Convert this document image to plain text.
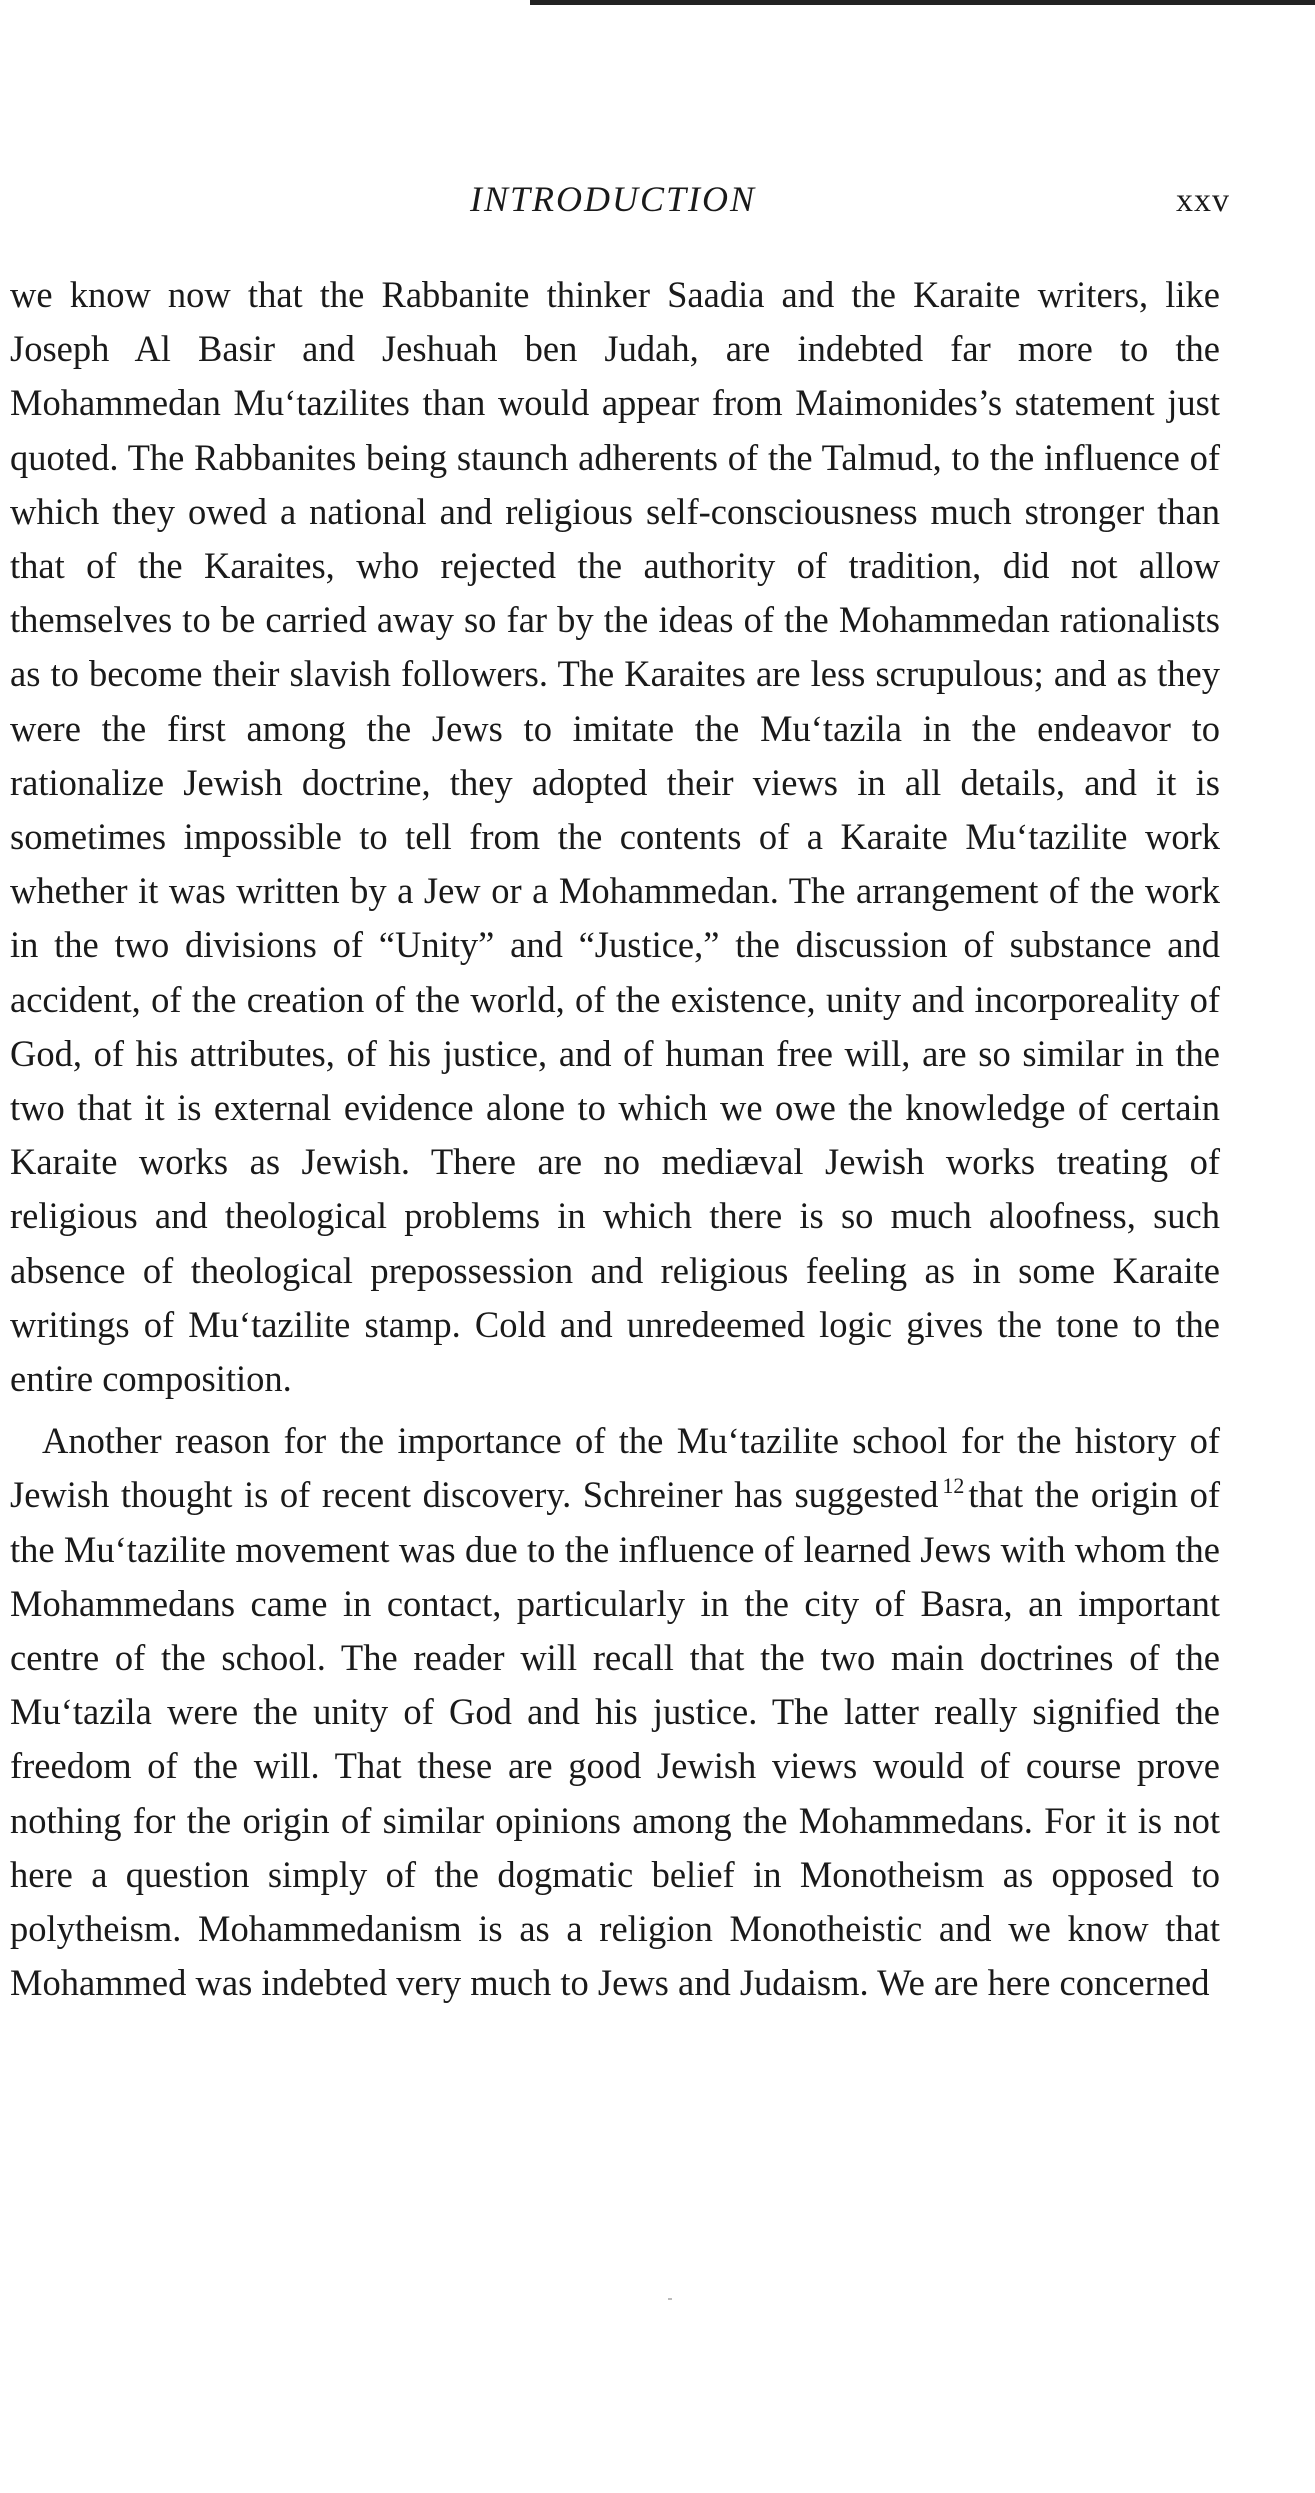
INTRODUCTION	xxv

we know now that the Rabbanite thinker Saadia and the Karaite writers, like Joseph Al Basir and Jeshuah ben Judah, are indebted far more to the Mohammedan Mu‘tazilites than would appear from Maimonides’s statement just quoted. The Rabbanites being staunch adherents of the Talmud, to the influence of which they owed a national and religious self-consciousness much stronger than that of the Karaites, who rejected the authority of tradition, did not allow themselves to be carried away so far by the ideas of the Mohammedan rationalists as to become their slavish followers. The Karaites are less scrupulous; and as they were the first among the Jews to imitate the Mu‘tazila in the endeavor to rationalize Jewish doctrine, they adopted their views in all details, and it is sometimes impossible to tell from the contents of a Karaite Mu‘tazilite work whether it was written by a Jew or a Mohammedan. The arrangement of the work in the two divisions of “Unity” and “Justice,” the discussion of substance and accident, of the creation of the world, of the existence, unity and incorporeality of God, of his attributes, of his justice, and of human free will, are so similar in the two that it is external evidence alone to which we owe the knowledge of certain Karaite works as Jewish. There are no mediæval Jewish works treating of religious and theological problems in which there is so much aloofness, such absence of theological prepossession and religious feeling as in some Karaite writings of Mu‘tazilite stamp. Cold and unredeemed logic gives the tone to the entire composition.

Another reason for the importance of the Mu‘tazilite school for the history of Jewish thought is of recent discovery. Schreiner has suggested $^{12}$ that the origin of the Mu‘tazilite movement was due to the influence of learned Jews with whom the Mohammedans came in contact, particularly in the city of Basra, an important centre of the school. The reader will recall that the two main doctrines of the Mu‘tazila were the unity of God and his justice. The latter really signified the freedom of the will. That these are good Jewish views would of course prove nothing for the origin of similar opinions among the Mohammedans. For it is not here a question simply of the dogmatic belief in Monotheism as opposed to polytheism. Mohammedanism is as a religion Monotheistic and we know that Mohammed was indebted very much to Jews and Judaism. We are here concerned
